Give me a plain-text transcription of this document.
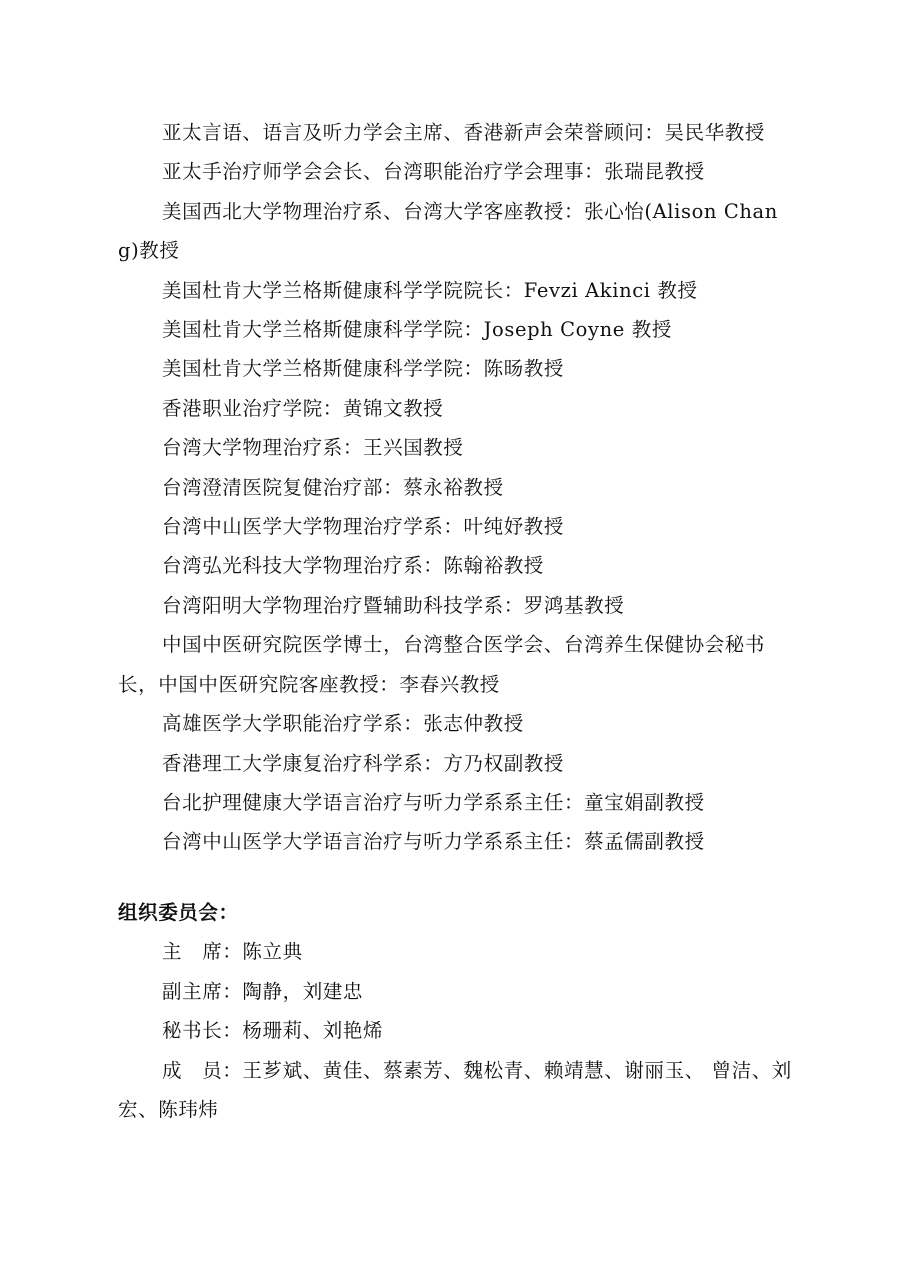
亚太言语、语言及听力学会主席、香港新声会荣誉顾问：吴民华教授
亚太手治疗师学会会长、台湾职能治疗学会理事：张瑞昆教授
美国西北大学物理治疗系、台湾大学客座教授：张心怡(Alison Chang)教授
美国杜肯大学兰格斯健康科学学院院长：Fevzi Akinci 教授
美国杜肯大学兰格斯健康科学学院：Joseph Coyne 教授
美国杜肯大学兰格斯健康科学学院：陈旸教授
香港职业治疗学院：黄锦文教授
台湾大学物理治疗系：王兴国教授
台湾澄清医院复健治疗部：蔡永裕教授
台湾中山医学大学物理治疗学系：叶纯妤教授
台湾弘光科技大学物理治疗系：陈翰裕教授
台湾阳明大学物理治疗暨辅助科技学系：罗鸿基教授
中国中医研究院医学博士，台湾整合医学会、台湾养生保健协会秘书长，中国中医研究院客座教授：李春兴教授
高雄医学大学职能治疗学系：张志仲教授
香港理工大学康复治疗科学系：方乃权副教授
台北护理健康大学语言治疗与听力学系系主任：童宝娟副教授
台湾中山医学大学语言治疗与听力学系系主任：蔡孟儒副教授
组织委员会：
主　席：陈立典
副主席：陶静，刘建忠
秘书长：杨珊莉、刘艳烯
成　员：王芗斌、黄佳、蔡素芳、魏松青、赖靖慧、谢丽玉、 曾洁、刘宏、陈玮炜
